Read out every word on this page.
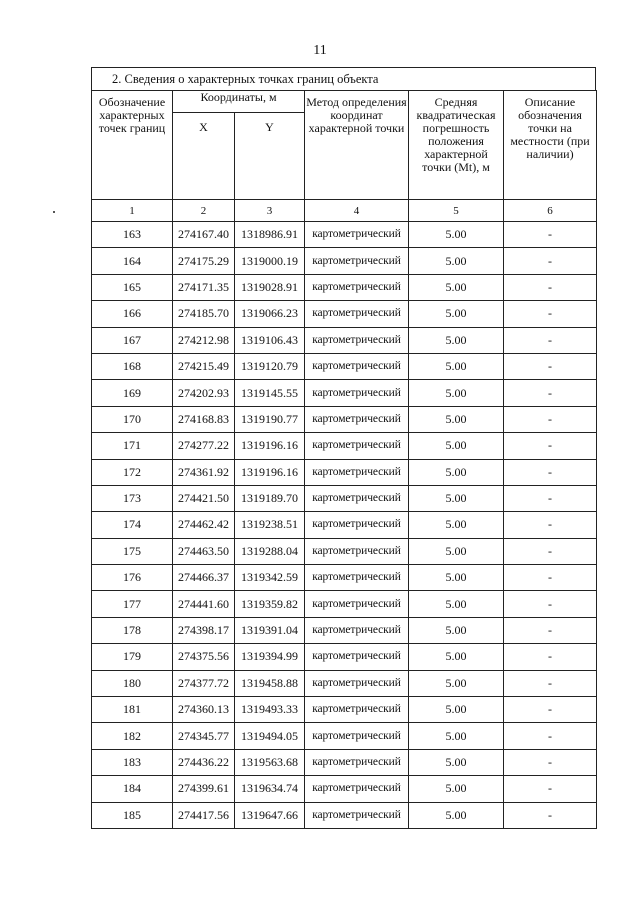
11
2. Сведения о характерных точках границ объекта
Обозначение характерных точек границ	Координаты, м		Метод определения координат характерной точки	Средняя квадратическая погрешность положения характерной точки (Mt), м	Описание обозначения точки на местности (при наличии)
	X	Y			
1	2	3	4	5	6
163	274167.40	1318986.91	картометрический	5.00	-
164	274175.29	1319000.19	картометрический	5.00	-
165	274171.35	1319028.91	картометрический	5.00	-
166	274185.70	1319066.23	картометрический	5.00	-
167	274212.98	1319106.43	картометрический	5.00	-
168	274215.49	1319120.79	картометрический	5.00	-
169	274202.93	1319145.55	картометрический	5.00	-
170	274168.83	1319190.77	картометрический	5.00	-
171	274277.22	1319196.16	картометрический	5.00	-
172	274361.92	1319196.16	картометрический	5.00	-
173	274421.50	1319189.70	картометрический	5.00	-
174	274462.42	1319238.51	картометрический	5.00	-
175	274463.50	1319288.04	картометрический	5.00	-
176	274466.37	1319342.59	картометрический	5.00	-
177	274441.60	1319359.82	картометрический	5.00	-
178	274398.17	1319391.04	картометрический	5.00	-
179	274375.56	1319394.99	картометрический	5.00	-
180	274377.72	1319458.88	картометрический	5.00	-
181	274360.13	1319493.33	картометрический	5.00	-
182	274345.77	1319494.05	картометрический	5.00	-
183	274436.22	1319563.68	картометрический	5.00	-
184	274399.61	1319634.74	картометрический	5.00	-
185	274417.56	1319647.66	картометрический	5.00	-
